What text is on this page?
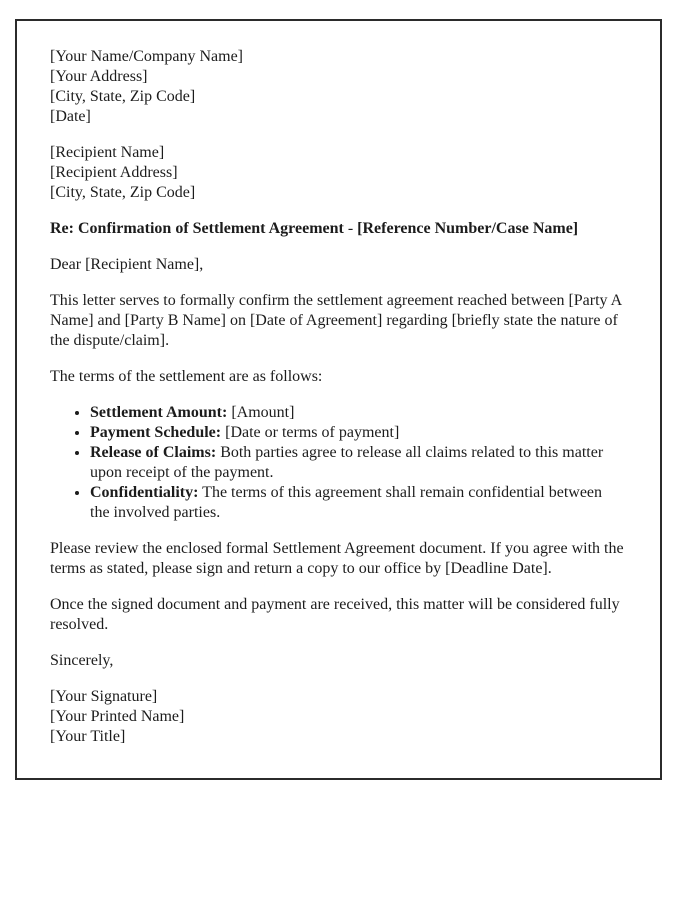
[Your Name/Company Name]
[Your Address]
[City, State, Zip Code]
[Date]
[Recipient Name]
[Recipient Address]
[City, State, Zip Code]
Re: Confirmation of Settlement Agreement - [Reference Number/Case Name]

Dear [Recipient Name],

This letter serves to formally confirm the settlement agreement reached between [Party A Name] and [Party B Name] on [Date of Agreement] regarding [briefly state the nature of the dispute/claim].

The terms of the settlement are as follows:

• Settlement Amount: [Amount]
• Payment Schedule: [Date or terms of payment]
• Release of Claims: Both parties agree to release all claims related to this matter upon receipt of the payment.
• Confidentiality: The terms of this agreement shall remain confidential between the involved parties.

Please review the enclosed formal Settlement Agreement document. If you agree with the terms as stated, please sign and return a copy to our office by [Deadline Date].

Once the signed document and payment are received, this matter will be considered fully resolved.

Sincerely,

[Your Signature]
[Your Printed Name]
[Your Title]
